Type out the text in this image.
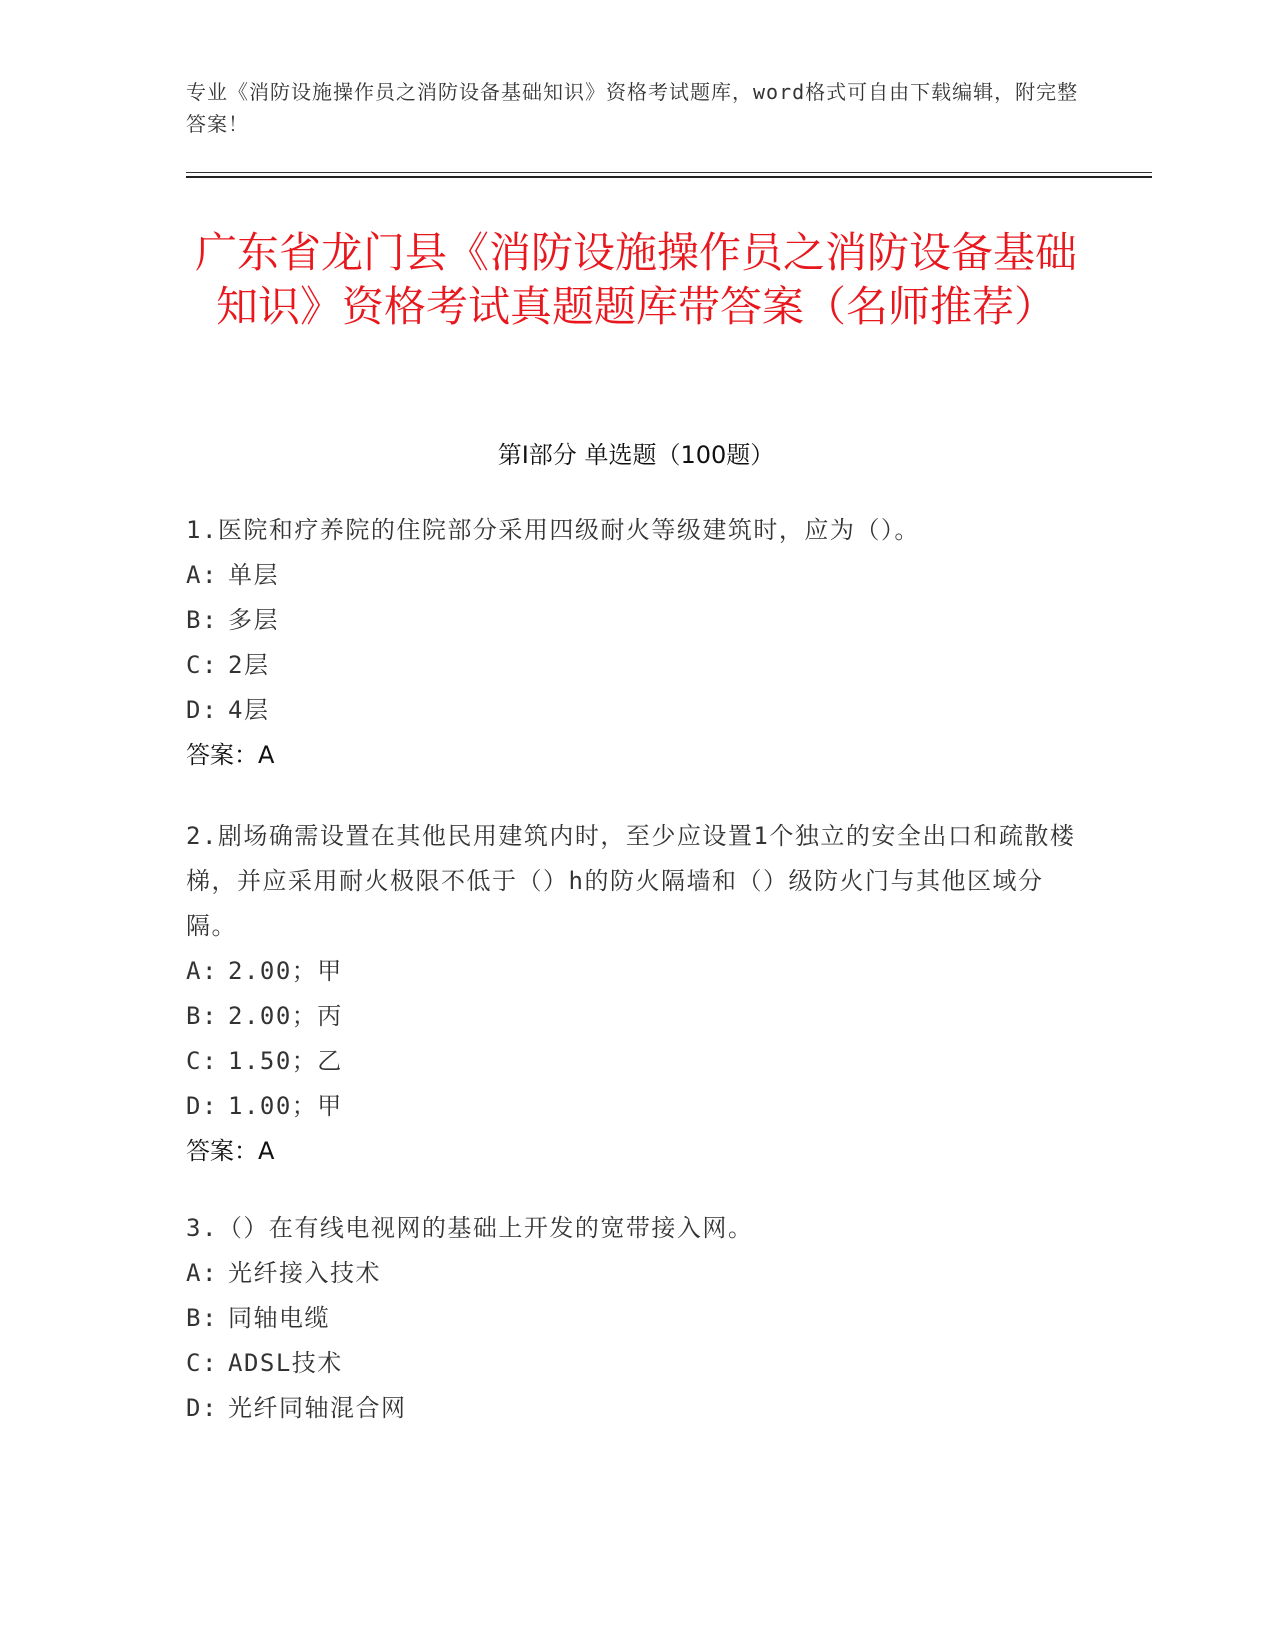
专业《消防设施操作员之消防设备基础知识》资格考试题库，word格式可自由下载编辑，附完整答案！
广东省龙门县《消防设施操作员之消防设备基础知识》资格考试真题题库带答案（名师推荐）
第Ⅰ部分 单选题（100题）

1.医院和疗养院的住院部分采用四级耐火等级建筑时，应为（）。

A: 单层

B: 多层

C: 2层

D: 4层

答案：A

2.剧场确需设置在其他民用建筑内时，至少应设置1个独立的安全出口和疏散楼梯，并应采用耐火极限不低于（）h的防火隔墙和（）级防火门与其他区域分隔。

A: 2.00；甲

B: 2.00；丙

C: 1.50；乙

D: 1.00；甲

答案：A

3.（）在有线电视网的基础上开发的宽带接入网。

A: 光纤接入技术

B: 同轴电缆

C: ADSL技术

D: 光纤同轴混合网
